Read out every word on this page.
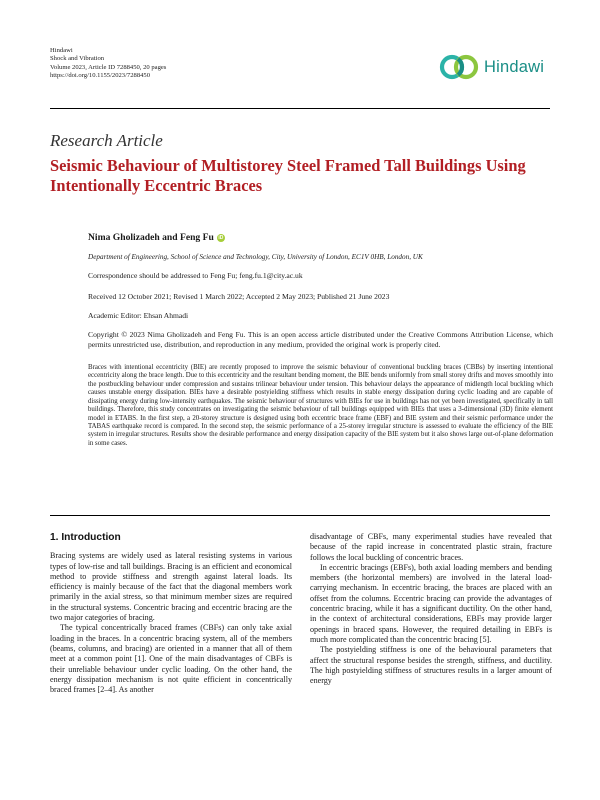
Hindawi
Shock and Vibration
Volume 2023, Article ID 7288450, 20 pages
https://doi.org/10.1155/2023/7288450
Hindawi
Research Article
Seismic Behaviour of Multistorey Steel Framed Tall Buildings Using Intentionally Eccentric Braces
Nima Gholizadeh and Feng Fu iD
Department of Engineering, School of Science and Technology, City, University of London, EC1V 0HB, London, UK
Correspondence should be addressed to Feng Fu; feng.fu.1@city.ac.uk
Received 12 October 2021; Revised 1 March 2022; Accepted 2 May 2023; Published 21 June 2023
Academic Editor: Ehsan Ahmadi
Copyright © 2023 Nima Gholizadeh and Feng Fu. This is an open access article distributed under the Creative Commons Attribution License, which permits unrestricted use, distribution, and reproduction in any medium, provided the original work is properly cited.
Braces with intentional eccentricity (BIE) are recently proposed to improve the seismic behaviour of conventional buckling braces (CBBs) by inserting intentional eccentricity along the brace length. Due to this eccentricity and the resultant bending moment, the BIE bends uniformly from small storey drifts and moves smoothly into the postbuckling behaviour under compression and sustains trilinear behaviour under tension. This behaviour delays the appearance of midlength local buckling which causes unstable energy dissipation. BIEs have a desirable postyielding stiffness which results in stable energy dissipation during cyclic loading and are capable of dissipating energy during low-intensity earthquakes. The seismic behaviour of structures with BIEs for use in buildings has not yet been investigated, specifically in tall buildings. Therefore, this study concentrates on investigating the seismic behaviour of tall buildings equipped with BIEs that uses a 3-dimensional (3D) finite element model in ETABS. In the first step, a 20-storey structure is designed using both eccentric brace frame (EBF) and BIE system and their seismic performance under the TABAS earthquake record is compared. In the second step, the seismic performance of a 25-storey irregular structure is assessed to evaluate the efficiency of the BIE system in irregular structures. Results show the desirable performance and energy dissipation capacity of the BIE system but it also shows large out-of-plane deformation in some cases.
1. Introduction

Bracing systems are widely used as lateral resisting systems in various types of low-rise and tall buildings. Bracing is an efficient and economical method to provide stiffness and strength against lateral loads. Its efficiency is mainly because of the fact that the diagonal members work primarily in the axial stress, so that minimum member sizes are required in the structural systems. Concentric bracing and eccentric bracing are the two major categories of bracing.

The typical concentrically braced frames (CBFs) can only take axial loading in the braces. In a concentric bracing system, all of the members (beams, columns, and bracing) are oriented in a manner that all of them meet at a common point [1]. One of the main disadvantages of CBFs is their unreliable behaviour under cyclic loading. On the other hand, the energy dissipation mechanism is not quite efficient in concentrically braced frames [2–4]. As another

disadvantage of CBFs, many experimental studies have revealed that because of the rapid increase in concentrated plastic strain, fracture follows the local buckling of concentric braces.

In eccentric bracings (EBFs), both axial loading members and bending members (the horizontal members) are involved in the lateral load-carrying mechanism. In eccentric bracing, the braces are placed with an offset from the columns. Eccentric bracing can provide the advantages of concentric bracing, while it has a significant ductility. On the other hand, in the context of architectural considerations, EBFs may provide larger openings in braced spans. However, the required detailing in EBFs is much more complicated than the concentric bracing [5].

The postyielding stiffness is one of the behavioural parameters that affect the structural response besides the strength, stiffness, and ductility. The high postyielding stiffness of structures results in a larger amount of energy
